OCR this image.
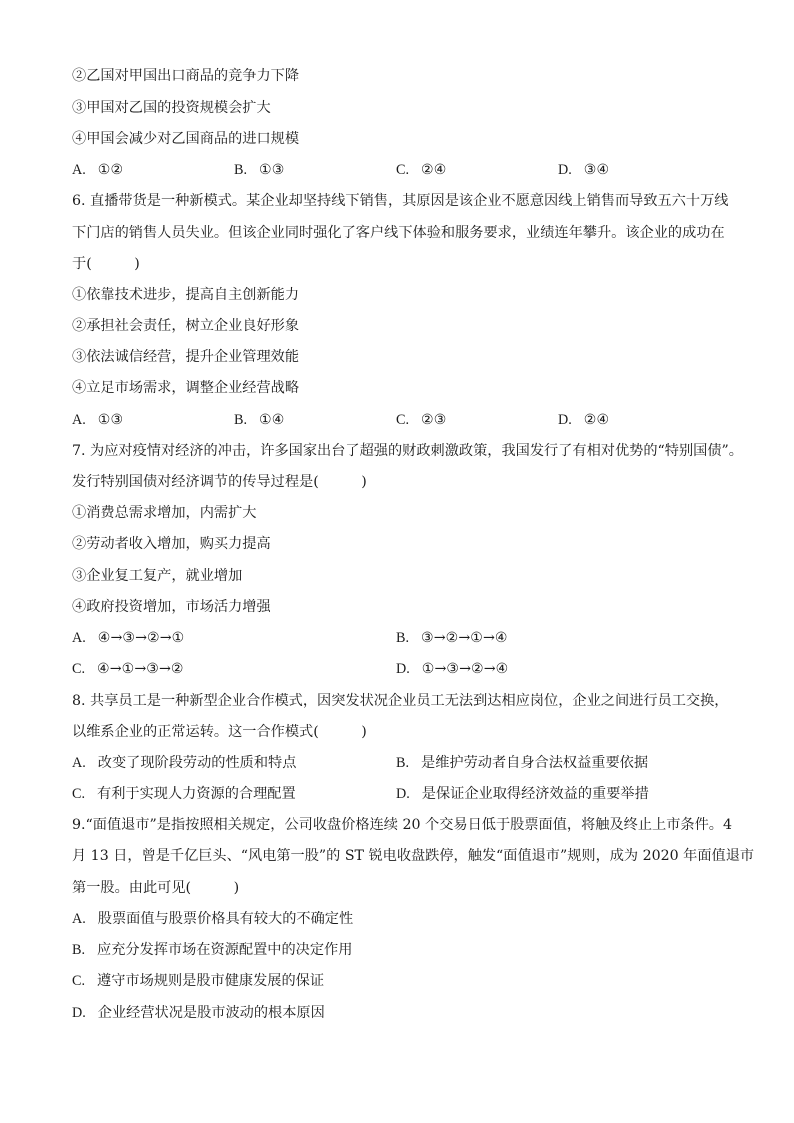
②乙国对甲国出口商品的竞争力下降
③甲国对乙国的投资规模会扩大
④甲国会减少对乙国商品的进口规模
A. ①②	B. ①③	C. ②④	D. ③④
6. 直播带货是一种新模式。某企业却坚持线下销售，其原因是该企业不愿意因线上销售而导致五六十万线
下门店的销售人员失业。但该企业同时强化了客户线下体验和服务要求，业绩连年攀升。该企业的成功在
于(　　　)
①依靠技术进步，提高自主创新能力
②承担社会责任，树立企业良好形象
③依法诚信经营，提升企业管理效能
④立足市场需求，调整企业经营战略
A. ①③	B. ①④	C. ②③	D. ②④
7. 为应对疫情对经济的冲击，许多国家出台了超强的财政刺激政策，我国发行了有相对优势的“特别国债”。
发行特别国债对经济调节的传导过程是(　　　)
①消费总需求增加，内需扩大
②劳动者收入增加，购买力提高
③企业复工复产，就业增加
④政府投资增加，市场活力增强
A. ④→③→②→①	B. ③→②→①→④
C. ④→①→③→②	D. ①→③→②→④
8. 共享员工是一种新型企业合作模式，因突发状况企业员工无法到达相应岗位，企业之间进行员工交换，
以维系企业的正常运转。这一合作模式(　　　)
A. 改变了现阶段劳动的性质和特点	B. 是维护劳动者自身合法权益重要依据
C. 有利于实现人力资源的合理配置	D. 是保证企业取得经济效益的重要举措
9.“面值退市”是指按照相关规定，公司收盘价格连续 20 个交易日低于股票面值，将触及终止上市条件。4
月 13 日，曾是千亿巨头、“风电第一股”的 ST 锐电收盘跌停，触发“面值退市”规则，成为 2020 年面值退市
第一股。由此可见(　　　)
A. 股票面值与股票价格具有较大的不确定性
B. 应充分发挥市场在资源配置中的决定作用
C. 遵守市场规则是股市健康发展的保证
D. 企业经营状况是股市波动的根本原因
